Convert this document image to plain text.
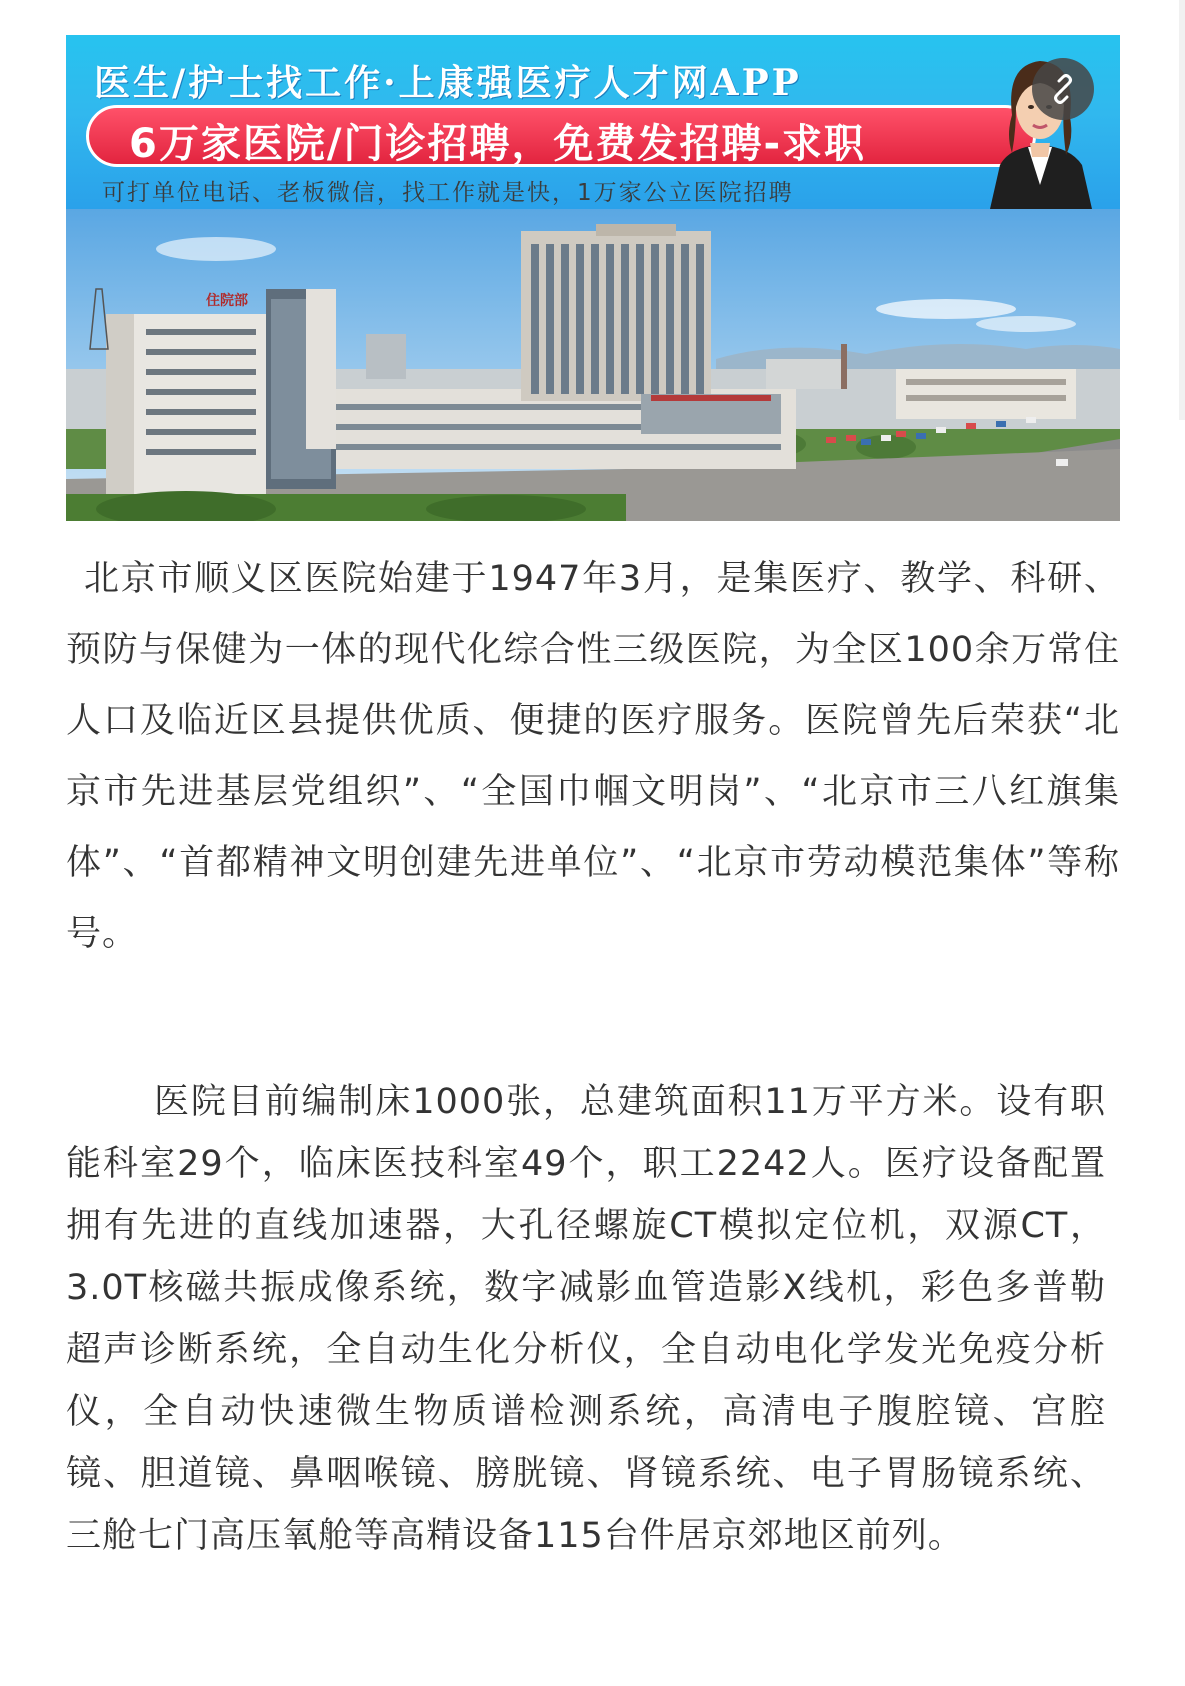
医生/护士找工作·上康强医疗人才网APP
6万家医院/门诊招聘，免费发招聘-求职
可打单位电话、老板微信，找工作就是快，1万家公立医院招聘
住院部

北京市顺义区医院始建于1947年3月，是集医疗、教学、科研、预防与保健为一体的现代化综合性三级医院，为全区100余万常住人口及临近区县提供优质、便捷的医疗服务。医院曾先后荣获“北京市先进基层党组织”、“全国巾帼文明岗”、“北京市三八红旗集体”、“首都精神文明创建先进单位”、“北京市劳动模范集体”等称号。

医院目前编制床1000张，总建筑面积11万平方米。设有职能科室29个，临床医技科室49个，职工2242人。医疗设备配置拥有先进的直线加速器，大孔径螺旋CT模拟定位机，双源CT，3.0T核磁共振成像系统，数字减影血管造影X线机，彩色多普勒超声诊断系统，全自动生化分析仪，全自动电化学发光免疫分析仪，全自动快速微生物质谱检测系统，高清电子腹腔镜、宫腔镜、胆道镜、鼻咽喉镜、膀胱镜、肾镜系统、电子胃肠镜系统、三舱七门高压氧舱等高精设备115台件居京郊地区前列。
